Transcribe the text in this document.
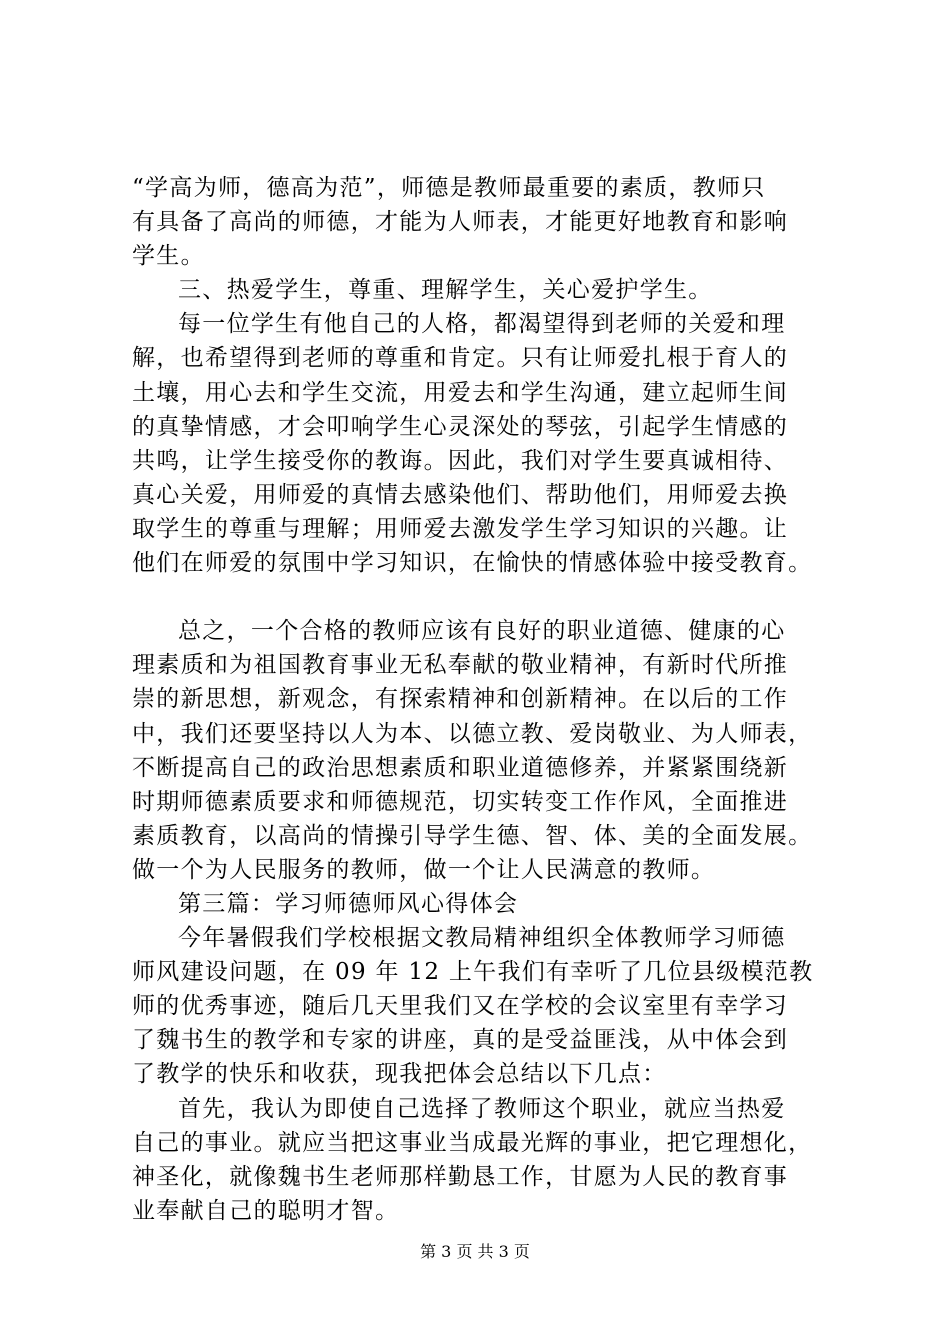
“学高为师，德高为范”，师德是教师最重要的素质，教师只
有具备了高尚的师德，才能为人师表，才能更好地教育和影响
学生。
三、热爱学生，尊重、理解学生，关心爱护学生。
每一位学生有他自己的人格，都渴望得到老师的关爱和理
解，也希望得到老师的尊重和肯定。只有让师爱扎根于育人的
土壤，用心去和学生交流，用爱去和学生沟通，建立起师生间
的真挚情感，才会叩响学生心灵深处的琴弦，引起学生情感的
共鸣，让学生接受你的教诲。因此，我们对学生要真诚相待、
真心关爱，用师爱的真情去感染他们、帮助他们，用师爱去换
取学生的尊重与理解；用师爱去激发学生学习知识的兴趣。让
他们在师爱的氛围中学习知识，在愉快的情感体验中接受教育。
总之，一个合格的教师应该有良好的职业道德、健康的心
理素质和为祖国教育事业无私奉献的敬业精神，有新时代所推
崇的新思想，新观念，有探索精神和创新精神。在以后的工作
中，我们还要坚持以人为本、以德立教、爱岗敬业、为人师表，
不断提高自己的政治思想素质和职业道德修养，并紧紧围绕新
时期师德素质要求和师德规范，切实转变工作作风，全面推进
素质教育，以高尚的情操引导学生德、智、体、美的全面发展。
做一个为人民服务的教师，做一个让人民满意的教师。
第三篇：学习师德师风心得体会
今年暑假我们学校根据文教局精神组织全体教师学习师德
师风建设问题，在 09 年 12 上午我们有幸听了几位县级模范教
师的优秀事迹，随后几天里我们又在学校的会议室里有幸学习
了魏书生的教学和专家的讲座，真的是受益匪浅，从中体会到
了教学的快乐和收获，现我把体会总结以下几点：
首先，我认为即使自己选择了教师这个职业，就应当热爱
自己的事业。就应当把这事业当成最光辉的事业，把它理想化，
神圣化，就像魏书生老师那样勤恳工作，甘愿为人民的教育事
业奉献自己的聪明才智。
第 3 页 共 3 页
